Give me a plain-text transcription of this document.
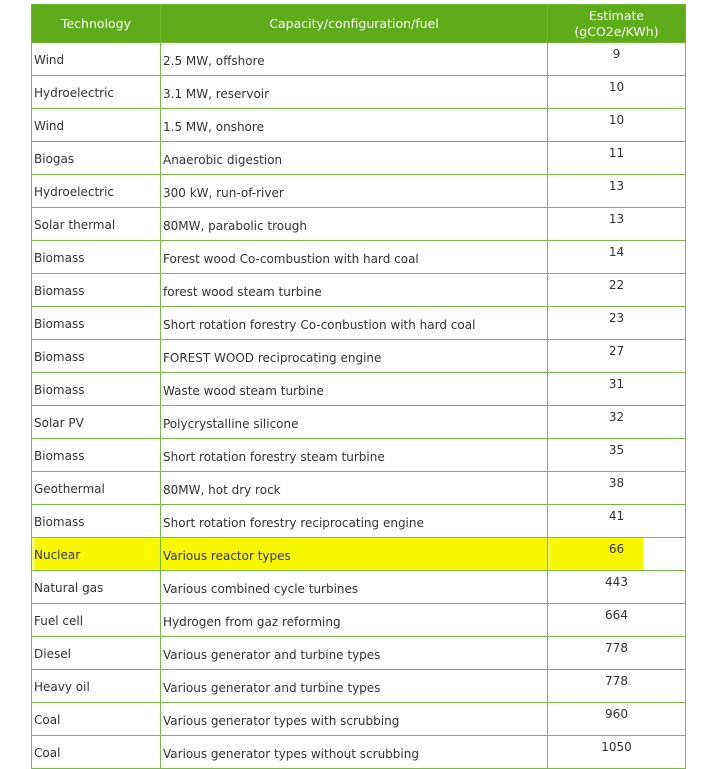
Technology	Capacity/configuration/fuel	Estimate
(gCO2e/KWh)
Wind	2.5 MW, offshore	9
Hydroelectric	3.1 MW, reservoir	10
Wind	1.5 MW, onshore	10
Biogas	Anaerobic digestion	11
Hydroelectric	300 kW, run-of-river	13
Solar thermal	80MW, parabolic trough	13
Biomass	Forest wood Co-combustion with hard coal	14
Biomass	forest wood steam turbine	22
Biomass	Short rotation forestry Co-conbustion with hard coal	23
Biomass	FOREST WOOD reciprocating engine	27
Biomass	Waste wood steam turbine	31
Solar PV	Polycrystalline silicone	32
Biomass	Short rotation forestry steam turbine	35
Geothermal	80MW, hot dry rock	38
Biomass	Short rotation forestry reciprocating engine	41
Nuclear	Various reactor types	66
Natural gas	Various combined cycle turbines	443
Fuel cell	Hydrogen from gaz reforming	664
Diesel	Various generator and turbine types	778
Heavy oil	Various generator and turbine types	778
Coal	Various generator types with scrubbing	960
Coal	Various generator types without scrubbing	1050
